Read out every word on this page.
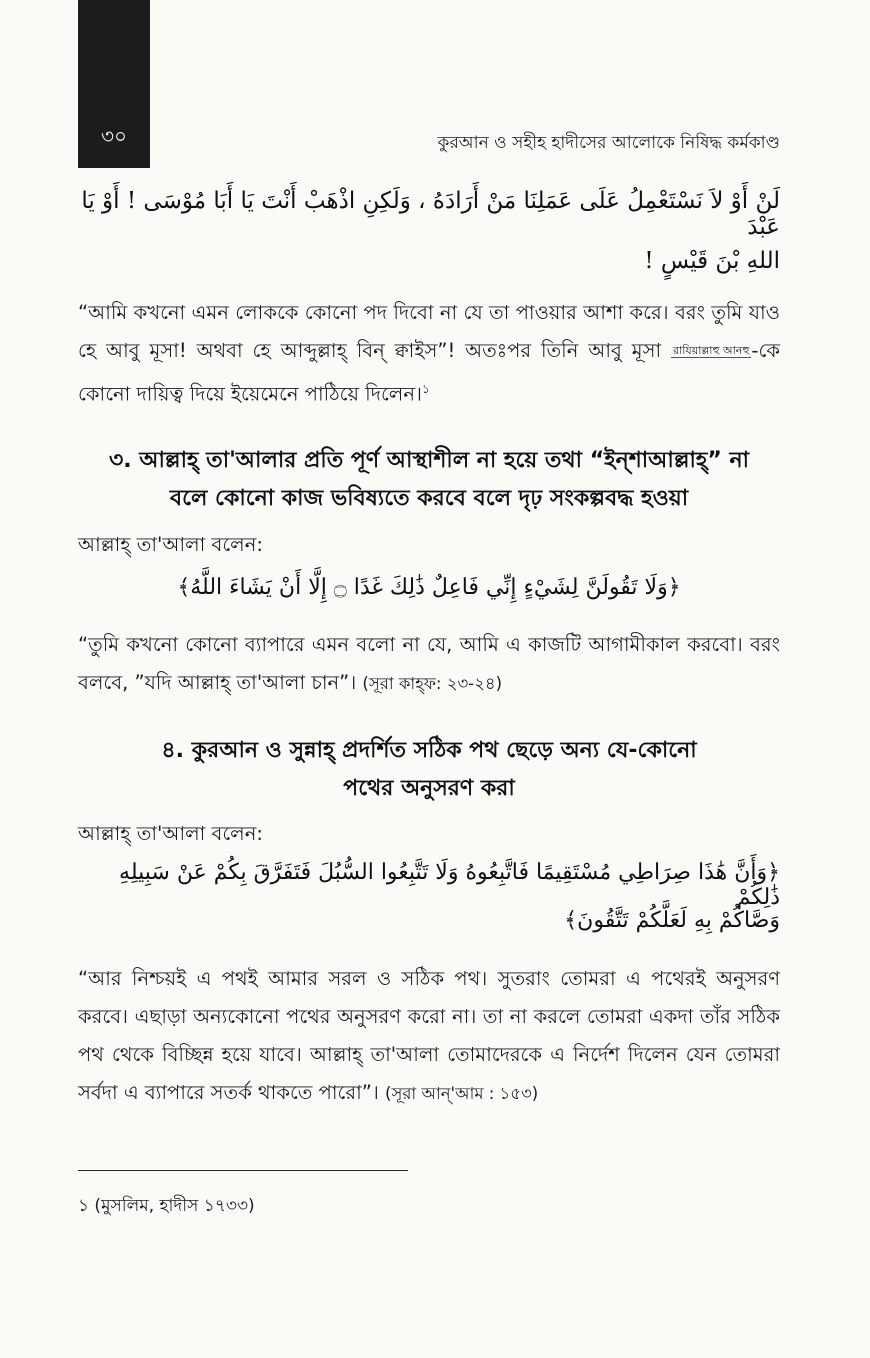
৩০	কুরআন ও সহীহ হাদীসের আলোকে নিষিদ্ধ কর্মকাণ্ড
لَنْ أَوْ لاَ نَسْتَعْمِلُ عَلَى عَمَلِنَا مَنْ أَرَادَهُ ، وَلَكِنِ اذْهَبْ أَنْتَ يَا أَبَا مُوْسَى ! أَوْ يَا عَبْدَ
اللهِ بْنَ قَيْسٍ !
“আমি কখনো এমন লোককে কোনো পদ দিবো না যে তা পাওয়ার আশা করে। বরং তুমি যাও হে আবু মূসা! অথবা হে আব্দুল্লাহ্ বিন্ ক্বাইস”! অতঃপর তিনি আবু মূসা রাযিয়াল্লাহু আনহু -কে কোনো দায়িত্ব দিয়ে ইয়েমেনে পাঠিয়ে দিলেন।$^১$
৩. আল্লাহ্ তা'আলার প্রতি পূর্ণ আস্থাশীল না হয়ে তথা “ইন্শাআল্লাহ্” না
বলে কোনো কাজ ভবিষ্যতে করবে বলে দৃঢ় সংকল্পবদ্ধ হওয়া
আল্লাহ্ তা'আলা বলেন:
﴿وَلَا تَقُولَنَّ لِشَيْءٍ إِنِّي فَاعِلٌ ذَٰلِكَ غَدًا ۝ إِلَّا أَنْ يَشَاءَ اللَّهُ﴾
“তুমি কখনো কোনো ব্যাপারে এমন বলো না যে, আমি এ কাজটি আগামীকাল করবো। বরং বলবে, ”যদি আল্লাহ্ তা'আলা চান”। (সূরা কাহ্ফ: ২৩-২৪)
৪. কুরআন ও সুন্নাহ্ প্রদর্শিত সঠিক পথ ছেড়ে অন্য যে-কোনো
পথের অনুসরণ করা
আল্লাহ্ তা'আলা বলেন:
﴿وَأَنَّ هَٰذَا صِرَاطِي مُسْتَقِيمًا فَاتَّبِعُوهُ وَلَا تَتَّبِعُوا السُّبُلَ فَتَفَرَّقَ بِكُمْ عَنْ سَبِيلِهِ ذَٰلِكُمْ
وَصَّاكُمْ بِهِ لَعَلَّكُمْ تَتَّقُونَ﴾
“আর নিশ্চয়ই এ পথই আমার সরল ও সঠিক পথ। সুতরাং তোমরা এ পথেরই অনুসরণ করবে। এছাড়া অন্যকোনো পথের অনুসরণ করো না। তা না করলে তোমরা একদা তাঁর সঠিক পথ থেকে বিচ্ছিন্ন হয়ে যাবে। আল্লাহ্ তা'আলা তোমাদেরকে এ নির্দেশ দিলেন যেন তোমরা সর্বদা এ ব্যাপারে সতর্ক থাকতে পারো”। (সূরা আন্'আম : ১৫৩)
১ (মুসলিম, হাদীস ১৭৩৩)
